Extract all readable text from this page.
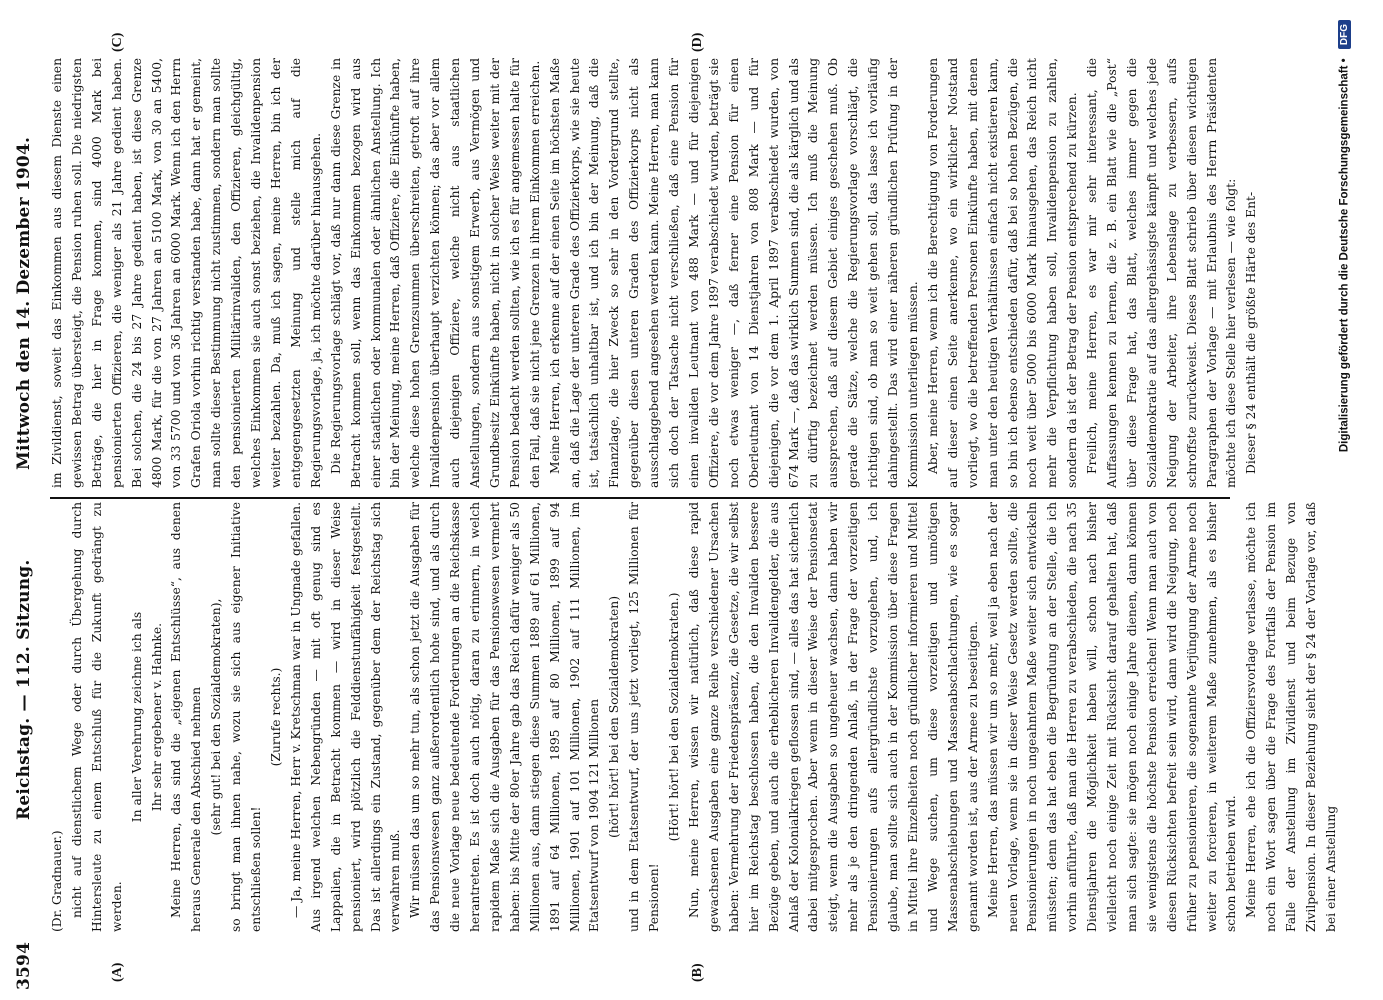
3594
Reichstag. — 112. Sitzung.
Mittwoch den 14. Dezember 1904.
(A)	(B)
(C)	(D)

(Dr. Gradnauer.) nicht auf dienstlichem Wege oder durch Übergehung durch Hintersleute zu einem Entschluß für die Zukunft gedrängt zu werden.

In aller Verehrung zeichne ich als Ihr sehr ergebener v. Hahnke. Meine Herren, das sind die „eigenen Entschlüsse“, aus denen heraus Generale den Abschied nehmen (sehr gut! bei den Sozialdemokraten), so bringt man ihnen nahe, wozu sie sich aus eigener Initiative entschließen sollen!

(Zurufe rechts.) — Ja, meine Herren, Herr v. Kretschman war in Ungnade gefallen. Aus irgend welchen Nebengründen — mit oft genug sind es Lappalien, die in Betracht kommen — wird in dieser Weise pensioniert, wird plötzlich die Felddienstunfähigkeit festgestellt. Das ist allerdings ein Zustand, gegenüber dem der Reichstag sich verwahren muß. Wir müssen das um so mehr tun, als schon jetzt die Ausgaben für das Pensionswesen ganz außerordentlich hohe sind, und als durch die neue Vorlage neue bedeutende Forderungen an die Reichskasse herantreten. Es ist doch auch nötig, daran zu erinnern, in welch rapidem Maße sich die Ausgaben für das Pensionswesen vermehrt haben: bis Mitte der 80er Jahre gab das Reich dafür weniger als 50 Millionen aus, dann stiegen diese Summen 1889 auf 61 Millionen, 1891 auf 64 Millionen, 1895 auf 80 Millionen, 1899 auf 94 Millionen, 1901 auf 101 Millionen, 1902 auf 111 Millionen, im Etatsentwurf von 1904 121 Millionen (hört! hört! bei den Sozialdemokraten) und in dem Etatsentwurf, der uns jetzt vorliegt, 125 Millionen für Pensionen!

(Hört! hört! bei den Sozialdemokraten.) Nun, meine Herren, wissen wir natürlich, daß diese rapid gewachsenen Ausgaben eine ganze Reihe verschiedener Ursachen haben: Vermehrung der Friedenspräsenz, die Gesetze, die wir selbst hier im Reichstag beschlossen haben, die den Invaliden bessere Bezüge geben, und auch die erheblicheren Invalidengelder, die aus Anlaß der Kolonialkriegen geflossen sind, — alles das hat sicherlich dabei mitgesprochen. Aber wenn in dieser Weise der Pensionsetat steigt, wenn die Ausgaben so ungeheuer wachsen, dann haben wir mehr als je den dringenden Anlaß, in der Frage der vorzeitigen Pensionierungen aufs allergründlichste vorzugehen, und, ich glaube, man sollte sich auch in der Kommission über diese Fragen in Mittel ihre Einzelheiten noch gründlicher informieren und Mittel und Wege suchen, um diese vorzeitigen und unnötigen Massenabschiebungen und Massenabschlachtungen, wie es sogar genannt worden ist, aus der Armee zu beseitigen. Meine Herren, das müssen wir um so mehr, weil ja eben nach der neuen Vorlage, wenn sie in dieser Weise Gesetz werden sollte, die Pensionierungen in noch ungeahntem Maße weiter sich entwickeln müssten; denn das hat eben die Begründung an der Stelle, die ich vorhin anführte, daß man die Herren zu verabschieden, die nach 35 Dienstjahren die Möglichkeit haben will, schon nach bisher vielleicht noch einige Zeit mit Rücksicht darauf gehalten hat, daß man sich sagte: sie mögen noch einige Jahre dienen, dann können sie wenigstens die höchste Pension erreichen! Wenn man auch von diesen Rücksichten befreit sein wird, dann wird die Neigung, noch früher zu pensionieren, die sogenannte Verjüngung der Armee noch weiter zu forcieren, in weiterem Maße zunehmen, als es bisher schon betrieben wird. Meine Herren, ehe ich die Offiziersvorlage verlasse, möchte ich noch ein Wort sagen über die Frage des Fortfalls der Pension im Falle der Anstellung im Zivildienst und beim Bezuge von Zivilpension. In dieser Beziehung sieht der § 24 der Vorlage vor, daß bei einer Anstellung

im Zivildienst, soweit das Einkommen aus diesem Dienste einen gewissen Betrag übersteigt, die Pension ruhen soll. Die niedrigsten Beträge, die hier in Frage kommen, sind 4000 Mark bei pensionierten Offizieren, die weniger als 21 Jahre gedient haben. Bei solchen, die 24 bis 27 Jahre gedient haben, ist diese Grenze 4800 Mark, für die von 27 Jahren an 5100 Mark, von 30 an 5400, von 33 5700 und von 36 Jahren an 6000 Mark. Wenn ich den Herrn Grafen Oriola vorhin richtig verstanden habe, dann hat er gemeint, man sollte dieser Bestimmung nicht zustimmen, sondern man sollte den pensionierten Militärinvaliden, den Offizieren, gleichgültig, welches Einkommen sie auch sonst beziehen, die Invalidenpension weiter bezahlen. Da, muß ich sagen, meine Herren, bin ich der entgegengesetzten Meinung und stelle mich auf die Regierungsvorlage, ja, ich möchte darüber hinausgehen. Die Regierungsvorlage schlägt vor, daß nur dann diese Grenze in Betracht kommen soll, wenn das Einkommen bezogen wird aus einer staatlichen oder kommunalen oder ähnlichen Anstellung. Ich bin der Meinung, meine Herren, daß Offiziere, die Einkünfte haben, welche diese hohen Grenzsummen überschreiten, getroft auf ihre Invalidenpension überhaupt verzichten können; das aber vor allem auch diejenigen Offiziere, welche nicht aus staatlichen Anstellungen, sondern aus sonstigem Erwerb, aus Vermögen und Grundbesitz Einkünfte haben, nicht in solcher Weise weiter mit der Pension bedacht werden sollten, wie ich es für angemessen halte für den Fall, daß sie nicht jene Grenzen in ihrem Einkommen erreichen. Meine Herren, ich erkenne auf der einen Seite im höchsten Maße an, daß die Lage der unteren Grade des Offizierkorps, wie sie heute ist, tatsächlich unhaltbar ist, und ich bin der Meinung, daß die Finanzlage, die hier Zweck so sehr in den Vordergrund stellte, gegenüber diesen unteren Graden des Offizierkorps nicht als ausschlaggebend angesehen werden kann. Meine Herren, man kann sich doch der Tatsache nicht verschließen, daß eine Pension für einen invaliden Leutnant von 488 Mark — und für diejenigen Offiziere, die vor dem Jahre 1897 verabschiedet wurden, beträgt sie noch etwas weniger —, daß ferner eine Pension für einen Oberleutnant von 14 Dienstjahren von 808 Mark — und für diejenigen, die vor dem 1. April 1897 verabschiedet wurden, von 674 Mark —, daß das wirklich Summen sind, die als kärglich und als zu dürftig bezeichnet werden müssen. Ich muß die Meinung aussprechen, daß auf diesem Gebiet einiges geschehen muß. Ob gerade die Sätze, welche die Regierungsvorlage vorschlägt, die richtigen sind, ob man so weit gehen soll, das lasse ich vorläufig dahingestellt. Das wird einer näheren gründlichen Prüfung in der Kommission unterliegen müssen. Aber, meine Herren, wenn ich die Berechtigung von Forderungen auf dieser einen Seite anerkenne, wo ein wirklicher Notstand vorliegt, wo die betreffenden Personen Einkünfte haben, mit denen man unter den heutigen Verhältnissen einfach nicht existieren kann, so bin ich ebenso entschieden dafür, daß bei so hohen Bezügen, die noch weit über 5000 bis 6000 Mark hinausgehen, das Reich nicht mehr die Verpflichtung haben soll, Invalidenpension zu zahlen, sondern da ist der Betrag der Pension entsprechend zu kürzen. Freilich, meine Herren, es war mir sehr interessant, die Auffassungen kennen zu lernen, die z. B. ein Blatt wie die „Post“ über diese Frage hat, das Blatt, welches immer gegen die Sozialdemokratie auf das allergehässigste kämpft und welches jede Neigung der Arbeiter, ihre Lebenslage zu verbessern, aufs schroffste zurückweist. Dieses Blatt schrieb über diesen wichtigen Paragraphen der Vorlage — mit Erlaubnis des Herrn Präsidenten möchte ich diese Stelle hier verlesen — wie folgt: Dieser § 24 enthält die größte Härte des Ent-	Digitalisierung gefördert durch die Deutsche Forschungsgemeinschaft • DFG
